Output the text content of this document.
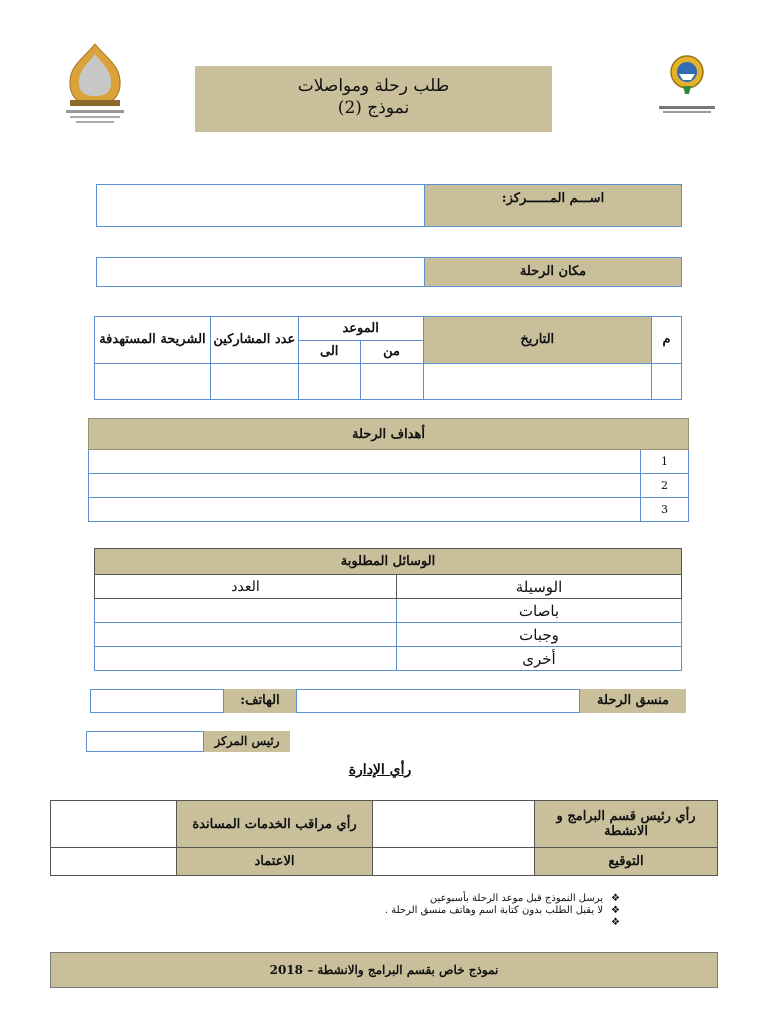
طلب رحلة ومواصلات
نموذج (2)
اســـم المــــــركز:
مكان الرحلة
الشريحة المستهدفة	عدد المشاركين	الموعد		التاريخ	م
		الى	من		

أهداف الرحلة	
	1
	2
	3
الوسائل المطلوبة	
العدد	الوسيلة
	باصات
	وجبات
	أخرى
الهاتف:	منسق الرحلة
رئيس المركز
رأي الإدارة
	رأي مراقب الخدمات المساندة		رأي رئيس قسم البرامج و الانشطة
	الاعتماد		التوقيع
❖يرسل النموذج قبل موعد الرحلة بأسبوعين
❖لا يقبل الطلب بدون كتابة اسم وهاتف منسق الرحلة .
❖
نموذج خاص بقسم البرامج والانشطة – 2018
